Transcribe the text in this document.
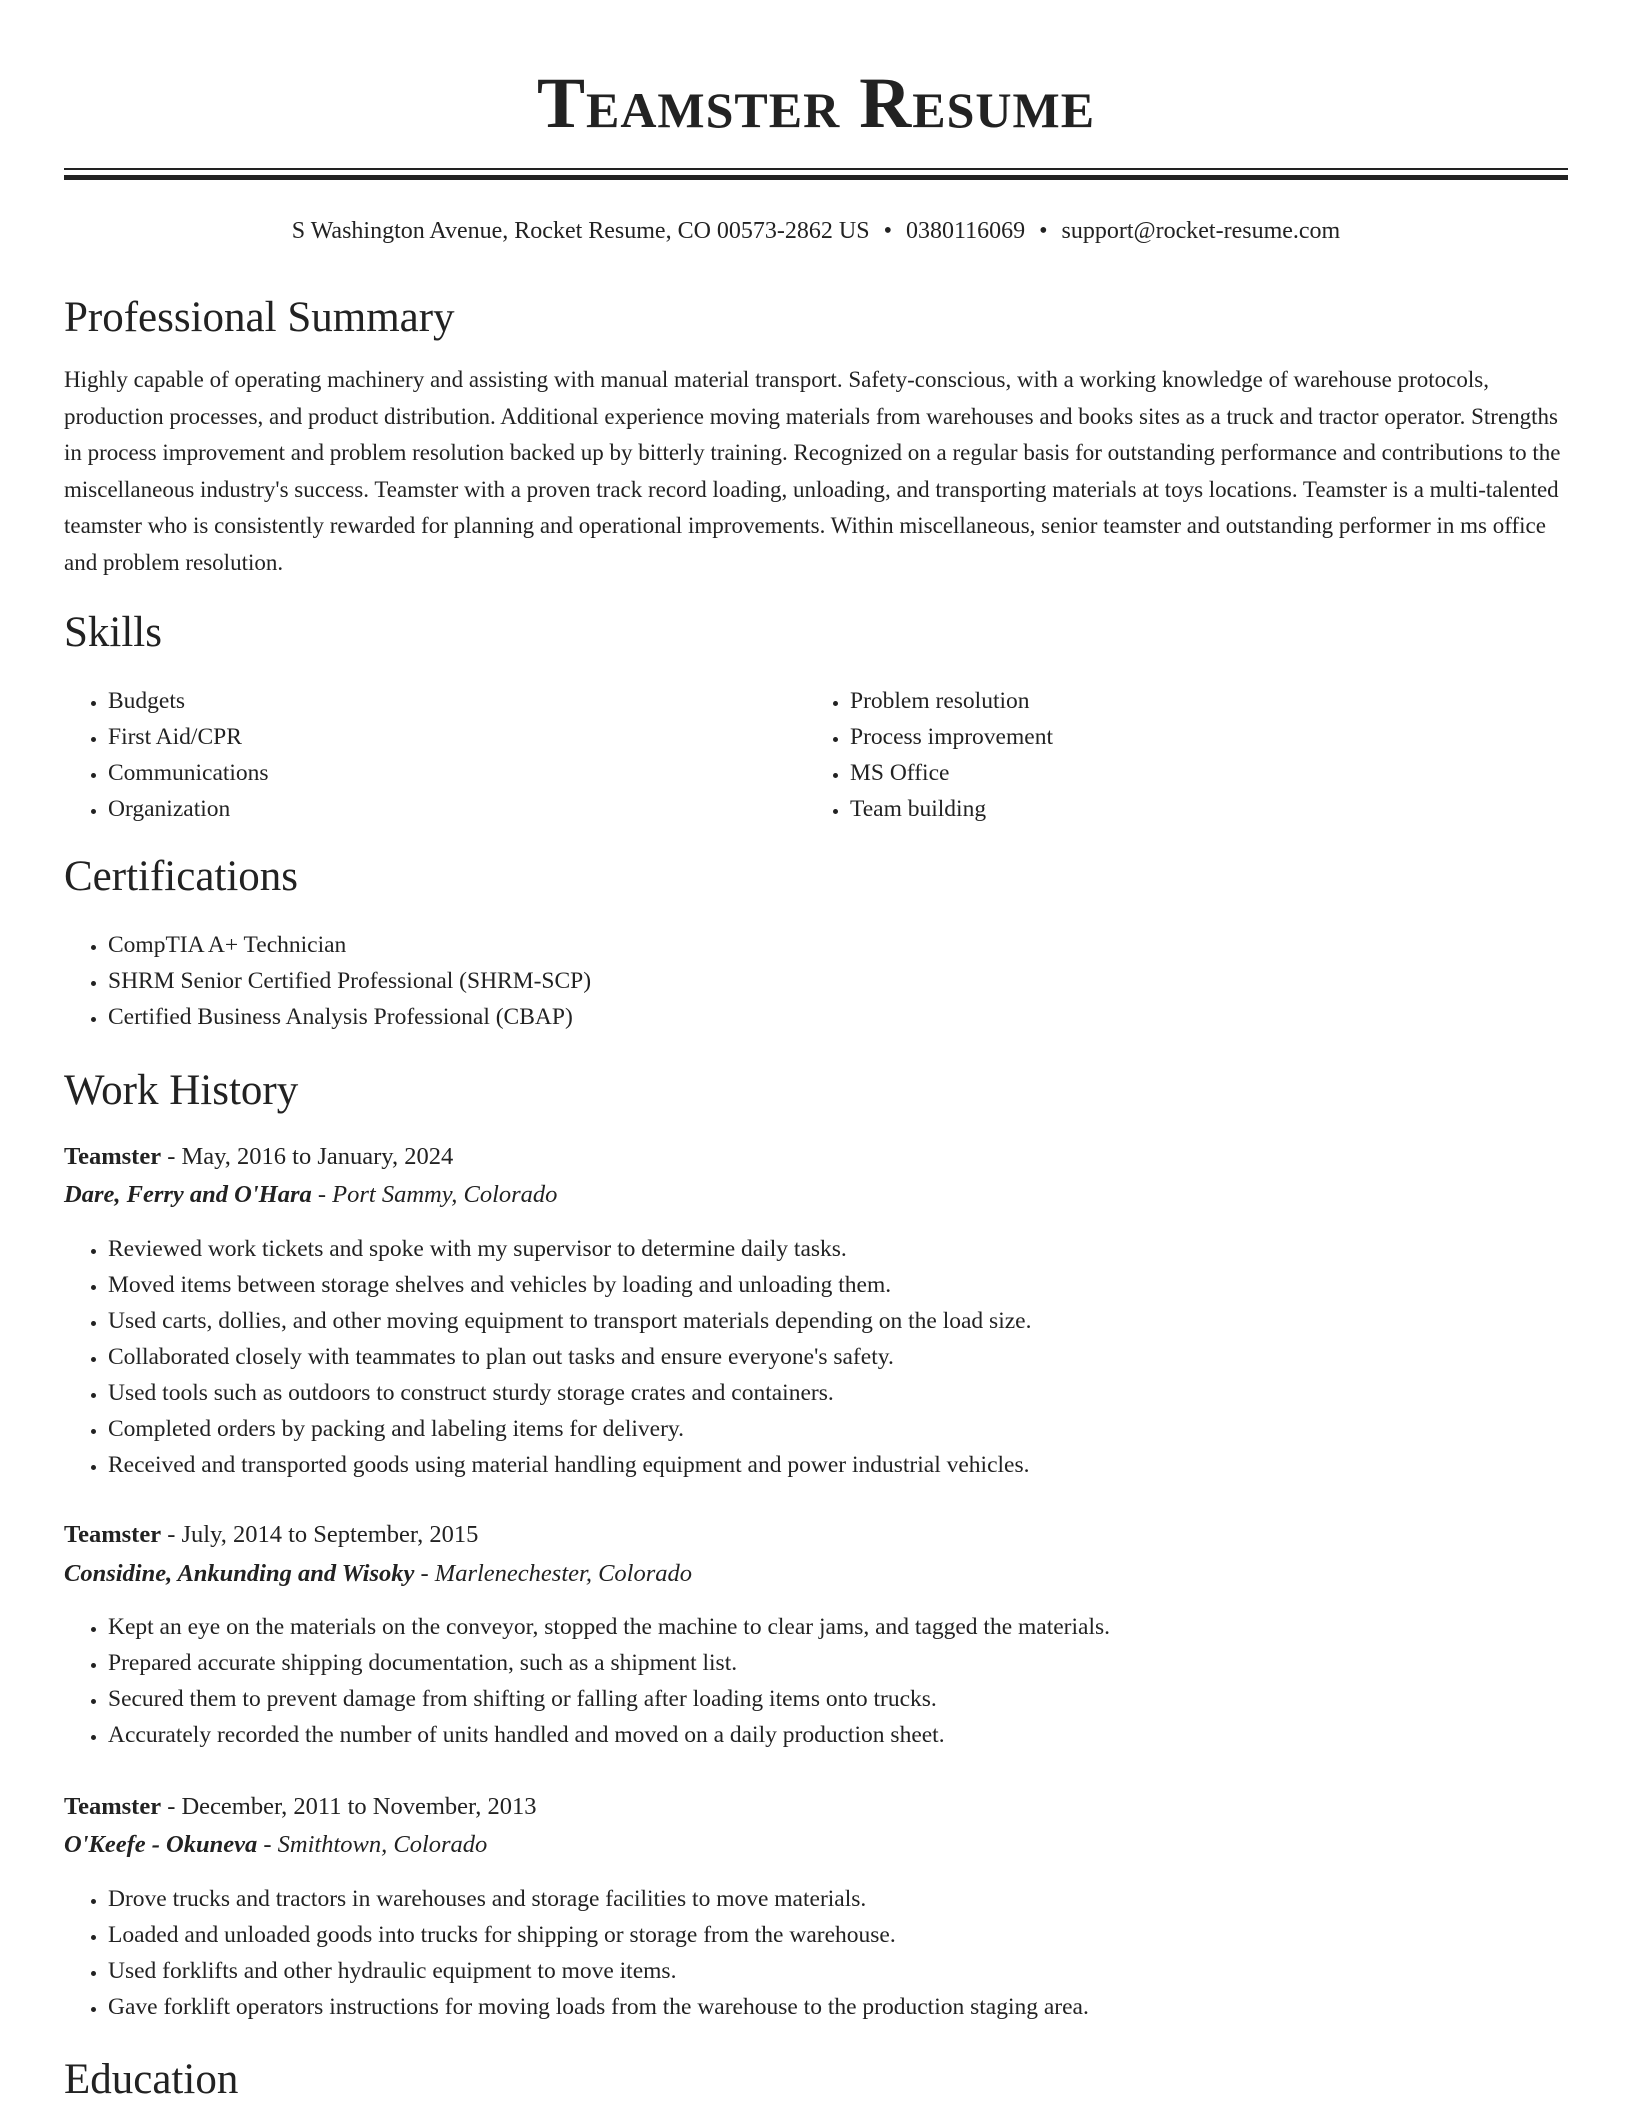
Teamster Resume
S Washington Avenue, Rocket Resume, CO 00573-2862 US • 0380116069 • support@rocket-resume.com
Professional Summary

Highly capable of operating machinery and assisting with manual material transport. Safety-conscious, with a working knowledge of warehouse protocols, production processes, and product distribution. Additional experience moving materials from warehouses and books sites as a truck and tractor operator. Strengths in process improvement and problem resolution backed up by bitterly training. Recognized on a regular basis for outstanding performance and contributions to the miscellaneous industry's success. Teamster with a proven track record loading, unloading, and transporting materials at toys locations. Teamster is a multi-talented teamster who is consistently rewarded for planning and operational improvements. Within miscellaneous, senior teamster and outstanding performer in ms office and problem resolution.

Skills
• Budgets
• First Aid/CPR
• Communications
• Organization
• Problem resolution
• Process improvement
• MS Office
• Team building
Certifications
• CompTIA A+ Technician
• SHRM Senior Certified Professional (SHRM-SCP)
• Certified Business Analysis Professional (CBAP)
Work History
Teamster - May, 2016 to January, 2024
Dare, Ferry and O'Hara - Port Sammy, Colorado
• Reviewed work tickets and spoke with my supervisor to determine daily tasks.
• Moved items between storage shelves and vehicles by loading and unloading them.
• Used carts, dollies, and other moving equipment to transport materials depending on the load size.
• Collaborated closely with teammates to plan out tasks and ensure everyone's safety.
• Used tools such as outdoors to construct sturdy storage crates and containers.
• Completed orders by packing and labeling items for delivery.
• Received and transported goods using material handling equipment and power industrial vehicles.
Teamster - July, 2014 to September, 2015
Considine, Ankunding and Wisoky - Marlenechester, Colorado
• Kept an eye on the materials on the conveyor, stopped the machine to clear jams, and tagged the materials.
• Prepared accurate shipping documentation, such as a shipment list.
• Secured them to prevent damage from shifting or falling after loading items onto trucks.
• Accurately recorded the number of units handled and moved on a daily production sheet.
Teamster - December, 2011 to November, 2013
O'Keefe - Okuneva - Smithtown, Colorado
• Drove trucks and tractors in warehouses and storage facilities to move materials.
• Loaded and unloaded goods into trucks for shipping or storage from the warehouse.
• Used forklifts and other hydraulic equipment to move items.
• Gave forklift operators instructions for moving loads from the warehouse to the production staging area.
Education
